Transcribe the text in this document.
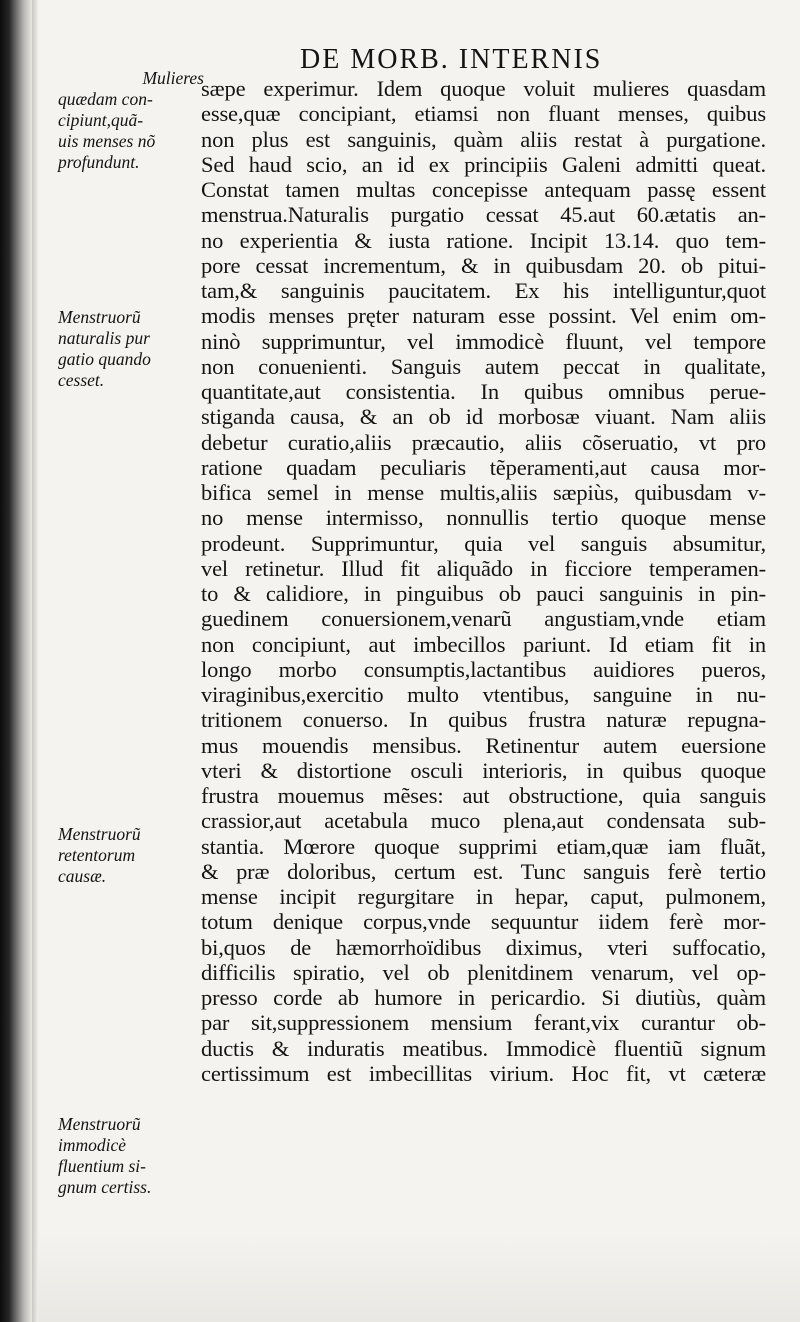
DE MORB. INTERNIS
Mulieres
quædam con-
cipiunt,quã-
uis menses nõ
profundunt.
Menstruorũ
naturalis pur
gatio quando
cesset.
Menstruorũ
retentorum
causæ.
Menstruorũ
immodicè
fluentium si-
gnum certiss.
sæpe experimur. Idem quoque voluit mulieres quasdam
esse,quæ concipiant, etiamsi non fluant menses, quibus
non plus est sanguinis, quàm aliis restat à purgatione.
Sed haud scio, an id ex principiis Galeni admitti queat.
Constat tamen multas concepisse antequam passę essent
menstrua.Naturalis purgatio cessat 45.aut 60.ætatis an-
no experientia & iusta ratione. Incipit 13.14. quo tem-
pore cessat incrementum, & in quibusdam 20. ob pitui-
tam,& sanguinis paucitatem. Ex his intelliguntur,quot
modis menses pręter naturam esse possint. Vel enim om-
ninò supprimuntur, vel immodicè fluunt, vel tempore
non conuenienti. Sanguis autem peccat in qualitate,
quantitate,aut consistentia. In quibus omnibus perue-
stiganda causa, & an ob id morbosæ viuant. Nam aliis
debetur curatio,aliis præcautio, aliis cõseruatio, vt pro
ratione quadam peculiaris tẽperamenti,aut causa mor-
bifica semel in mense multis,aliis sæpiùs, quibusdam v-
no mense intermisso, nonnullis tertio quoque mense
prodeunt. Supprimuntur, quia vel sanguis absumitur,
vel retinetur. Illud fit aliquãdo in ficciore temperamen-
to & calidiore, in pinguibus ob pauci sanguinis in pin-
guedinem conuersionem,venarũ angustiam,vnde etiam
non concipiunt, aut imbecillos pariunt. Id etiam fit in
longo morbo consumptis,lactantibus auidiores pueros,
viraginibus,exercitio multo vtentibus, sanguine in nu-
tritionem conuerso. In quibus frustra naturæ repugna-
mus mouendis mensibus. Retinentur autem euersione
vteri & distortione osculi interioris, in quibus quoque
frustra mouemus mẽses: aut obstructione, quia sanguis
crassior,aut acetabula muco plena,aut condensata sub-
stantia. Mœrore quoque supprimi etiam,quæ iam fluãt,
& præ doloribus, certum est. Tunc sanguis ferè tertio
mense incipit regurgitare in hepar, caput, pulmonem,
totum denique corpus,vnde sequuntur iidem ferè mor-
bi,quos de hæmorrhoïdibus diximus, vteri suffocatio,
difficilis spiratio, vel ob plenitdinem venarum, vel op-
presso corde ab humore in pericardio. Si diutiùs, quàm
par sit,suppressionem mensium ferant,vix curantur ob-
ductis & induratis meatibus. Immodicè fluentiũ signum
certissimum est imbecillitas virium. Hoc fit, vt cæteræ
